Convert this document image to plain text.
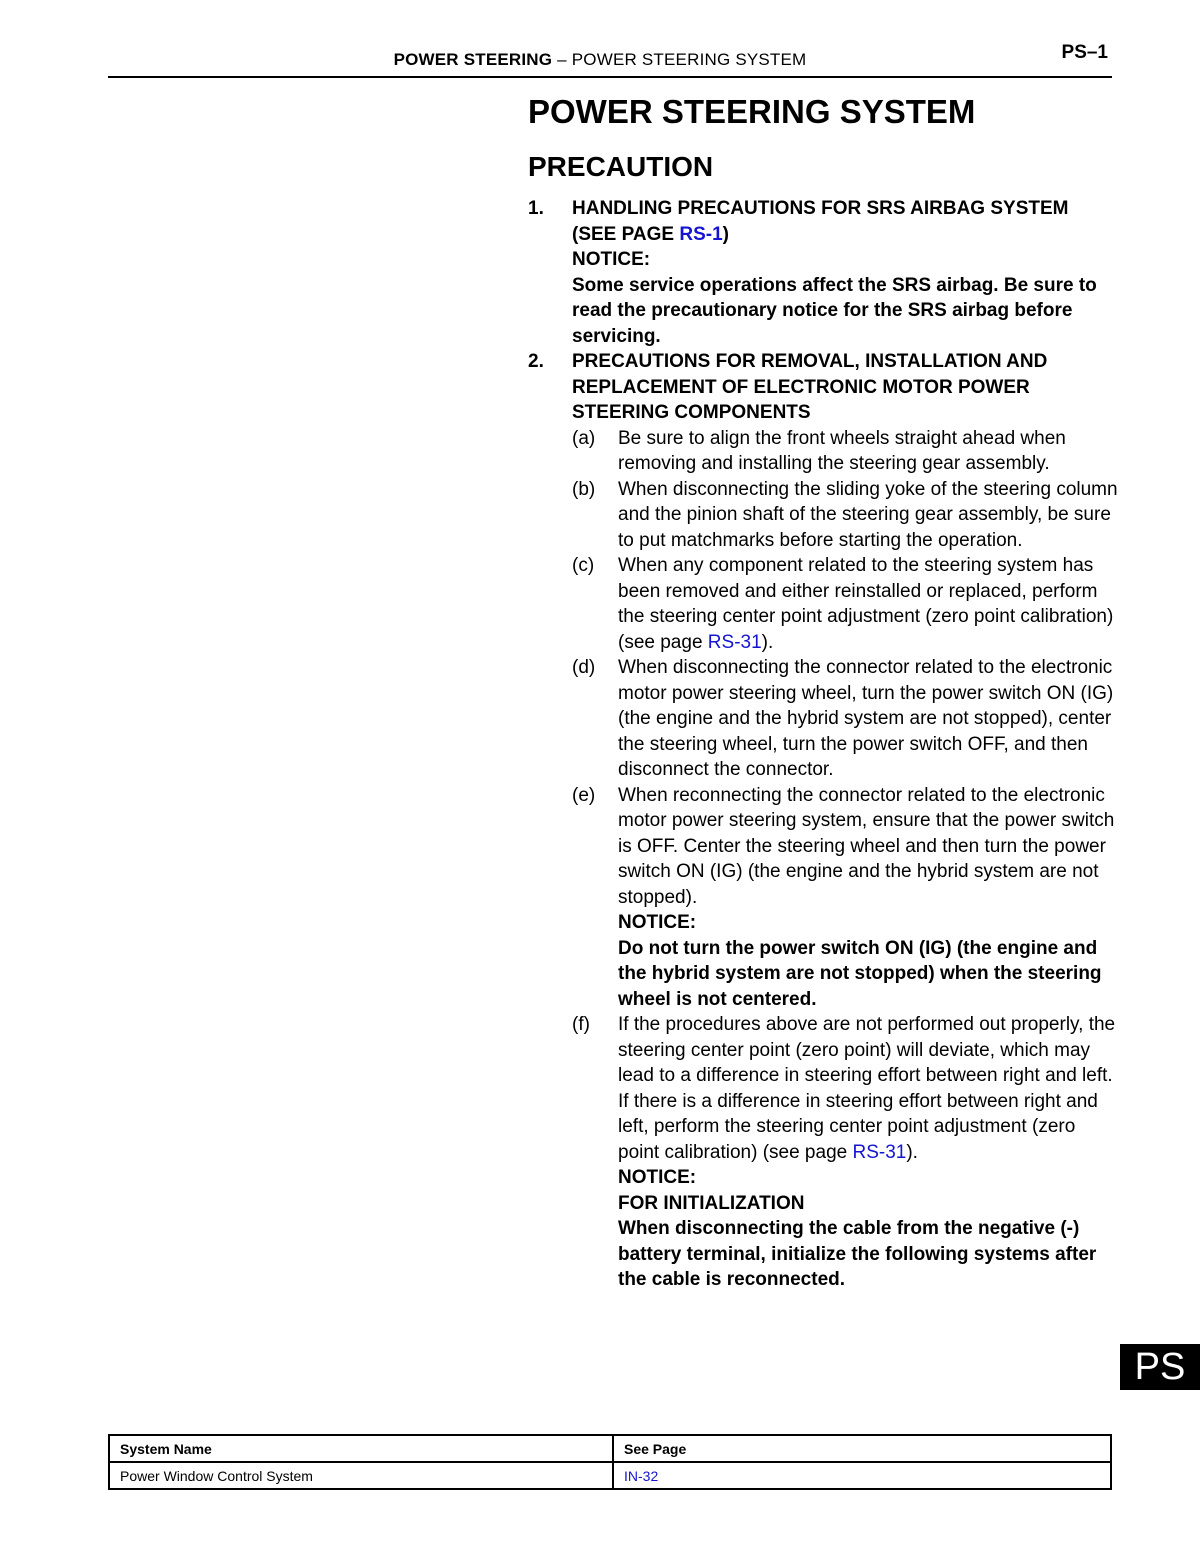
POWER STEERING – POWER STEERING SYSTEM	PS–1
POWER STEERING SYSTEM
PRECAUTION
1. HANDLING PRECAUTIONS FOR SRS AIRBAG SYSTEM (SEE PAGE RS-1)
NOTICE:
Some service operations affect the SRS airbag. Be sure to read the precautionary notice for the SRS airbag before servicing.
2. PRECAUTIONS FOR REMOVAL, INSTALLATION AND REPLACEMENT OF ELECTRONIC MOTOR POWER STEERING COMPONENTS
(a) Be sure to align the front wheels straight ahead when removing and installing the steering gear assembly.
(b) When disconnecting the sliding yoke of the steering column and the pinion shaft of the steering gear assembly, be sure to put matchmarks before starting the operation.
(c) When any component related to the steering system has been removed and either reinstalled or replaced, perform the steering center point adjustment (zero point calibration) (see page RS-31).
(d) When disconnecting the connector related to the electronic motor power steering wheel, turn the power switch ON (IG) (the engine and the hybrid system are not stopped), center the steering wheel, turn the power switch OFF, and then disconnect the connector.
(e) When reconnecting the connector related to the electronic motor power steering system, ensure that the power switch is OFF. Center the steering wheel and then turn the power switch ON (IG) (the engine and the hybrid system are not stopped).
NOTICE:
Do not turn the power switch ON (IG) (the engine and the hybrid system are not stopped) when the steering wheel is not centered.
(f) If the procedures above are not performed out properly, the steering center point (zero point) will deviate, which may lead to a difference in steering effort between right and left. If there is a difference in steering effort between right and left, perform the steering center point adjustment (zero point calibration) (see page RS-31).
NOTICE:
FOR INITIALIZATION
When disconnecting the cable from the negative (-) battery terminal, initialize the following systems after the cable is reconnected.
PS
System Name	See Page
Power Window Control System	IN-32
